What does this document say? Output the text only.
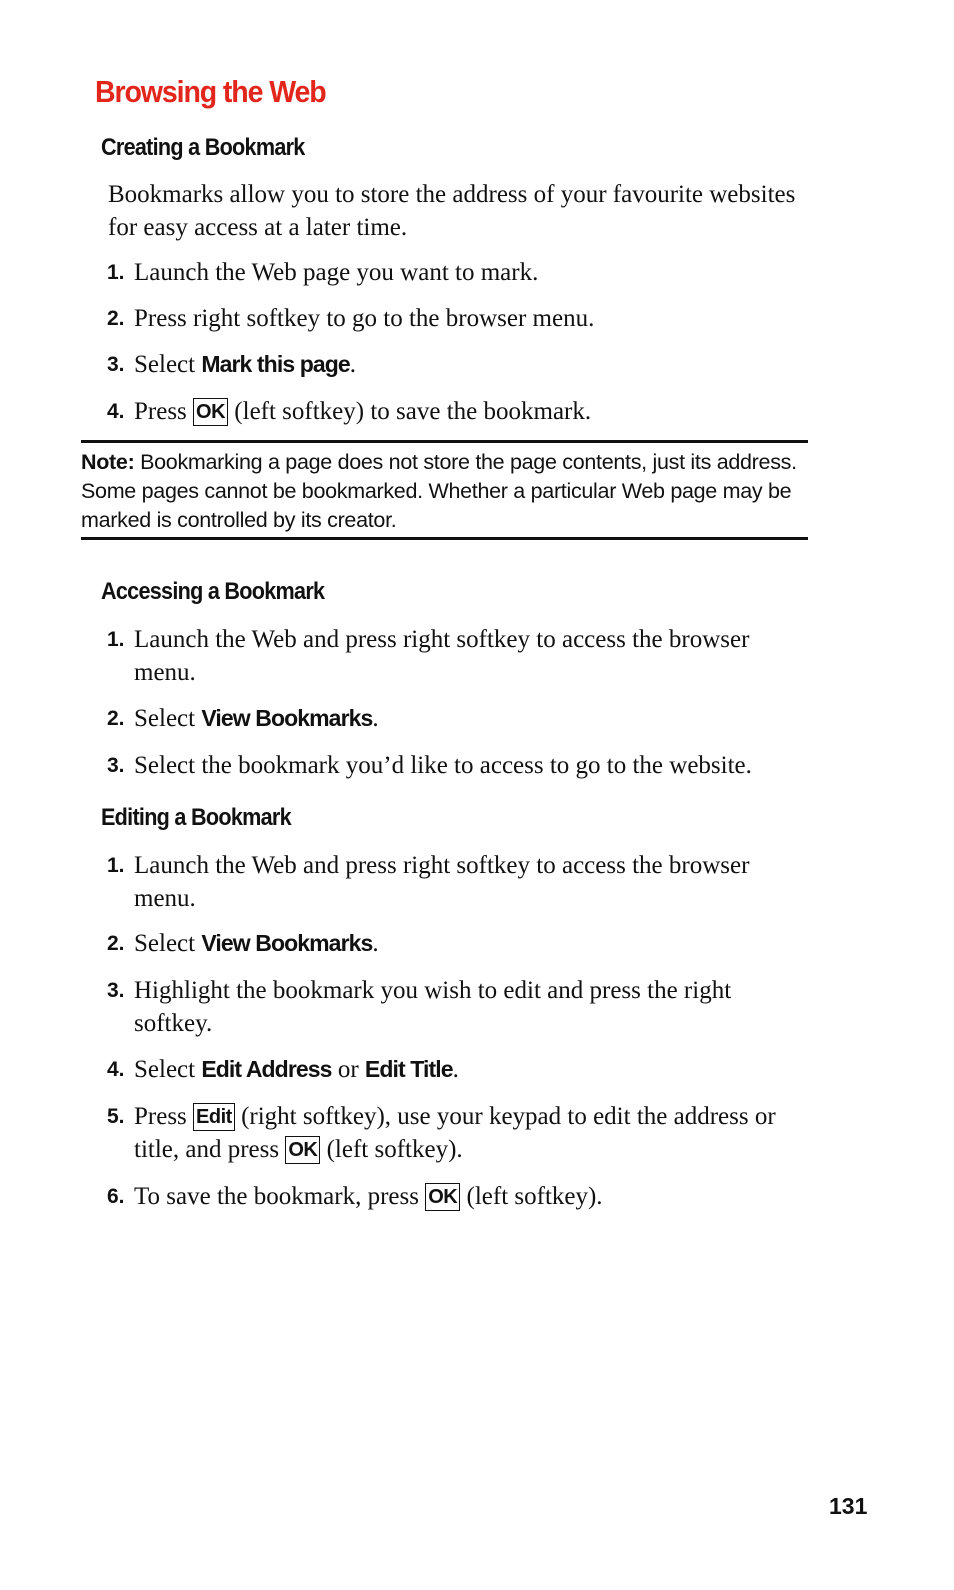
Browsing the Web
Creating a Bookmark

Bookmarks allow you to store the address of your favourite websites for easy access at a later time.

1. Launch the Web page you want to mark.
2. Press right softkey to go to the browser menu.
3. Select Mark this page.
4. Press OK (left softkey) to save the bookmark.
Note: Bookmarking a page does not store the page contents, just its address. Some pages cannot be bookmarked. Whether a particular Web page may be marked is controlled by its creator.
Accessing a Bookmark
1. Launch the Web and press right softkey to access the browser menu.
2. Select View Bookmarks.
3. Select the bookmark you’d like to access to go to the website.
Editing a Bookmark
1. Launch the Web and press right softkey to access the browser menu.
2. Select View Bookmarks.
3. Highlight the bookmark you wish to edit and press the right softkey.
4. Select Edit Address or Edit Title.
5. Press Edit (right softkey), use your keypad to edit the address or title, and press OK (left softkey).
6. To save the bookmark, press OK (left softkey).
131
